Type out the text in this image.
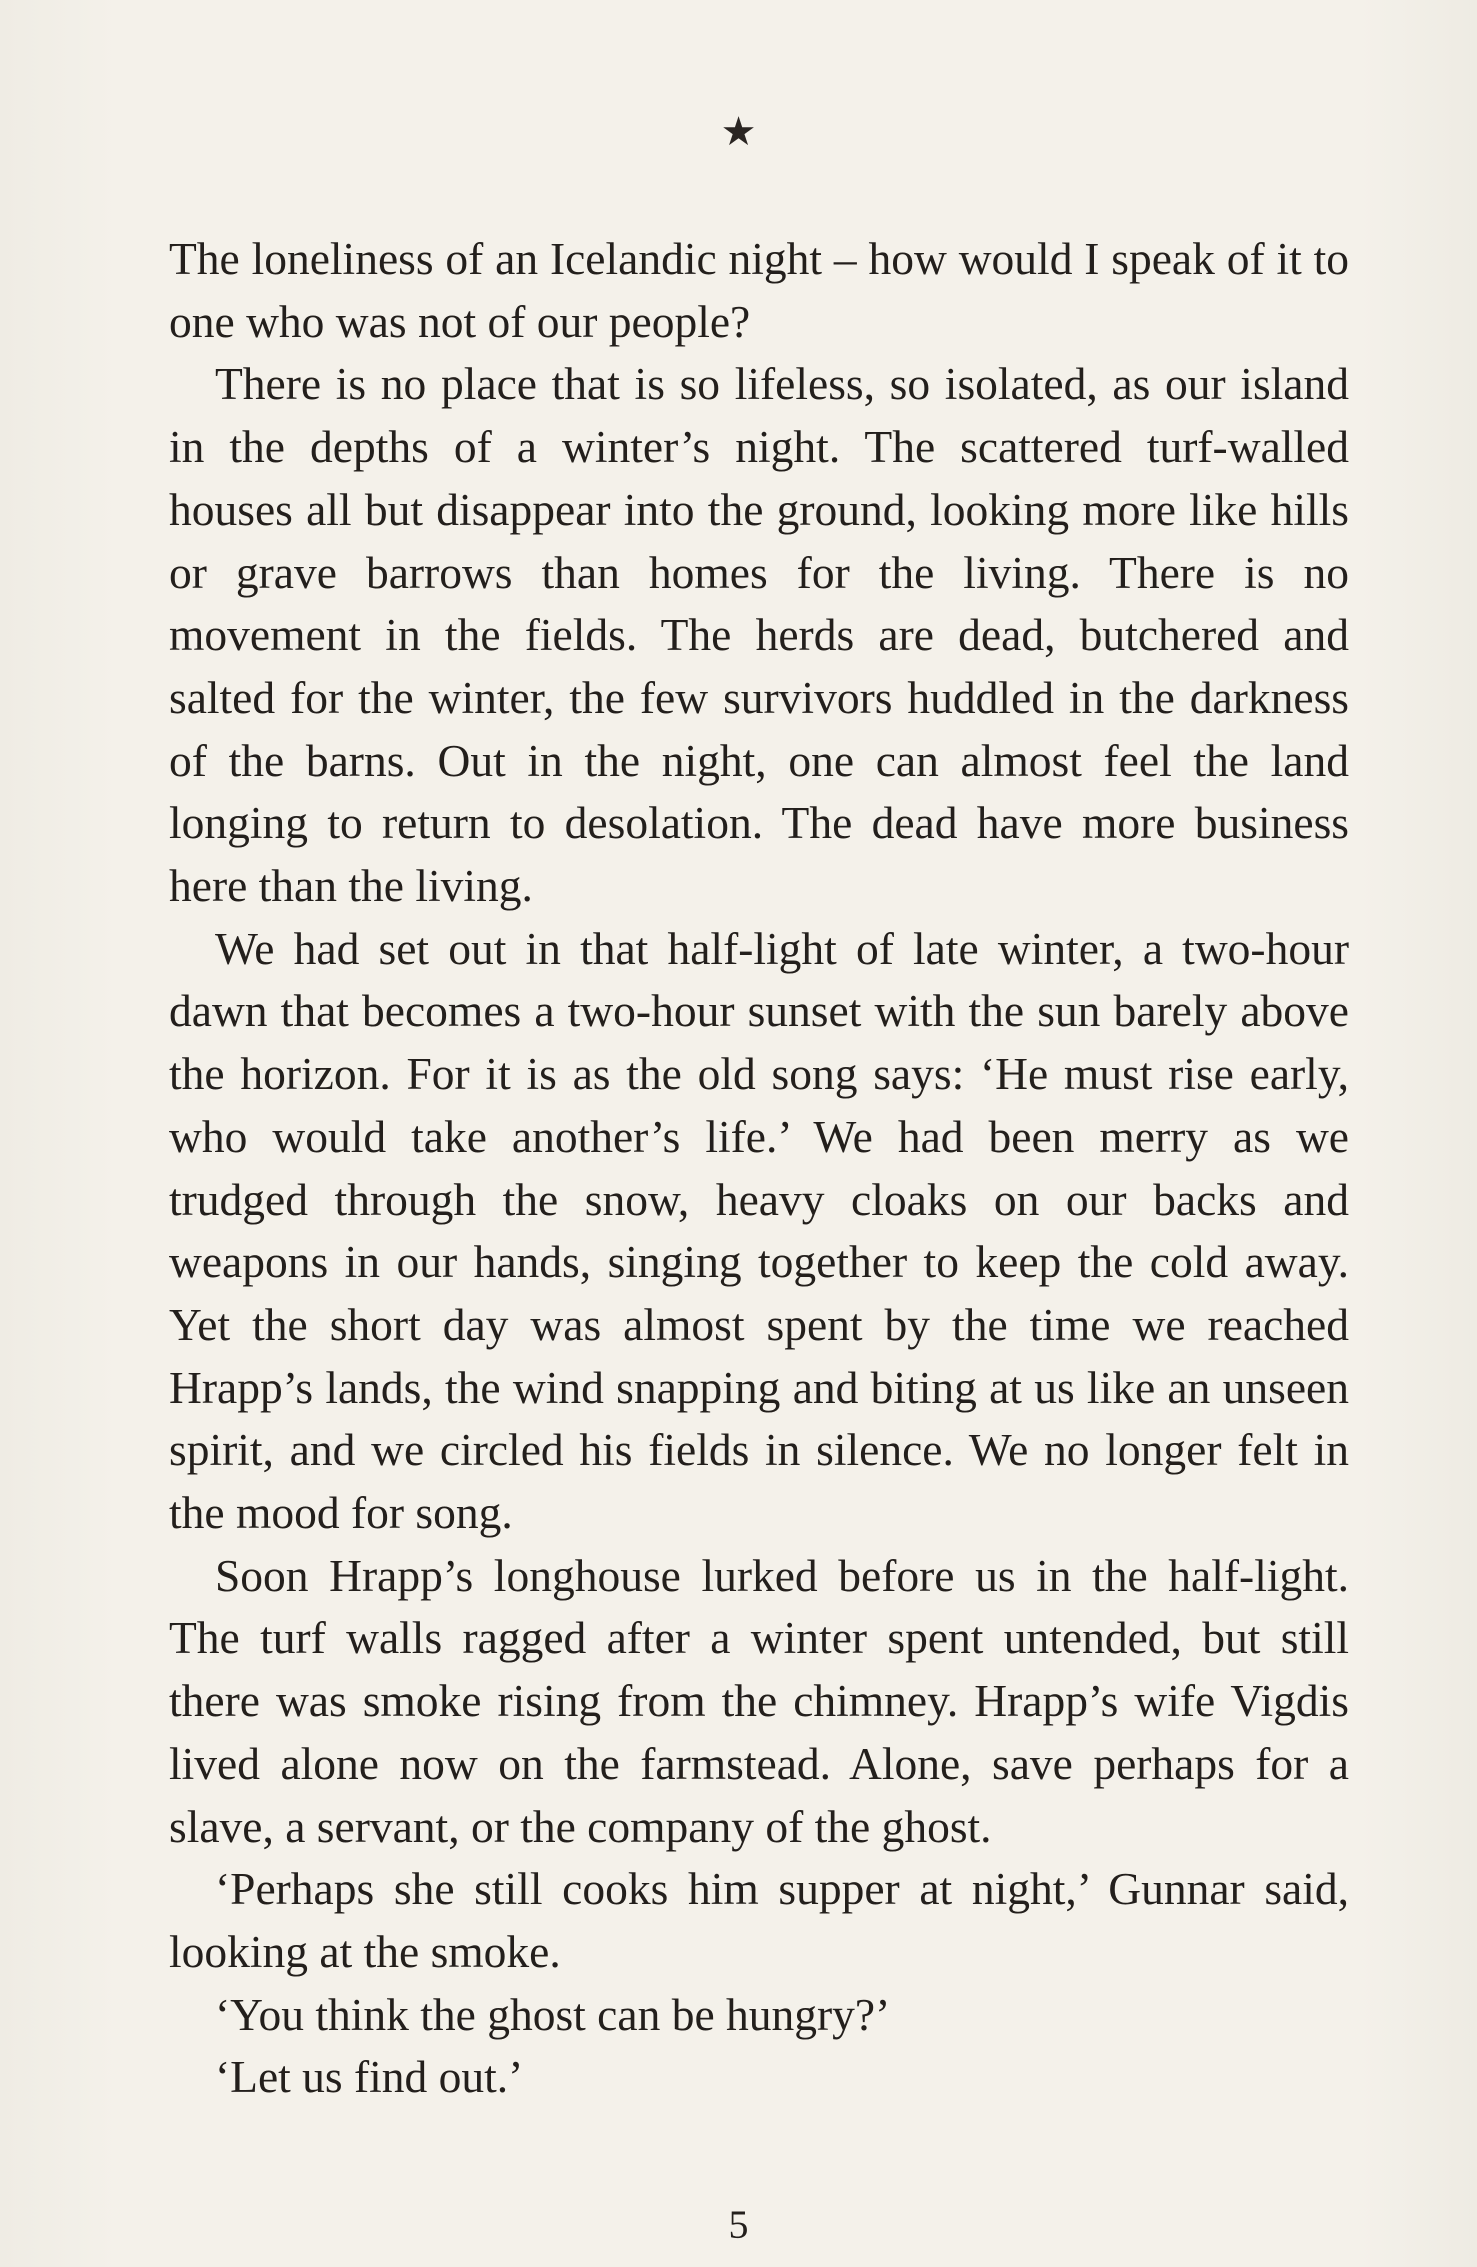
★

The loneliness of an Icelandic night – how would I speak of it to one who was not of our people?

There is no place that is so lifeless, so isolated, as our island in the depths of a winter’s night. The scattered turf-walled houses all but disappear into the ground, looking more like hills or grave barrows than homes for the living. There is no movement in the fields. The herds are dead, butchered and salted for the winter, the few survivors huddled in the darkness of the barns. Out in the night, one can almost feel the land longing to return to desolation. The dead have more business here than the living.

We had set out in that half-light of late winter, a two-hour dawn that becomes a two-hour sunset with the sun barely above the horizon. For it is as the old song says: ‘He must rise early, who would take another’s life.’ We had been merry as we trudged through the snow, heavy cloaks on our backs and weapons in our hands, singing together to keep the cold away. Yet the short day was almost spent by the time we reached Hrapp’s lands, the wind snapping and biting at us like an unseen spirit, and we circled his fields in silence. We no longer felt in the mood for song.

Soon Hrapp’s longhouse lurked before us in the half-light. The turf walls ragged after a winter spent untended, but still there was smoke rising from the chimney. Hrapp’s wife Vigdis lived alone now on the farmstead. Alone, save perhaps for a slave, a servant, or the company of the ghost.

‘Perhaps she still cooks him supper at night,’ Gunnar said, looking at the smoke.

‘You think the ghost can be hungry?’

‘Let us find out.’

5
